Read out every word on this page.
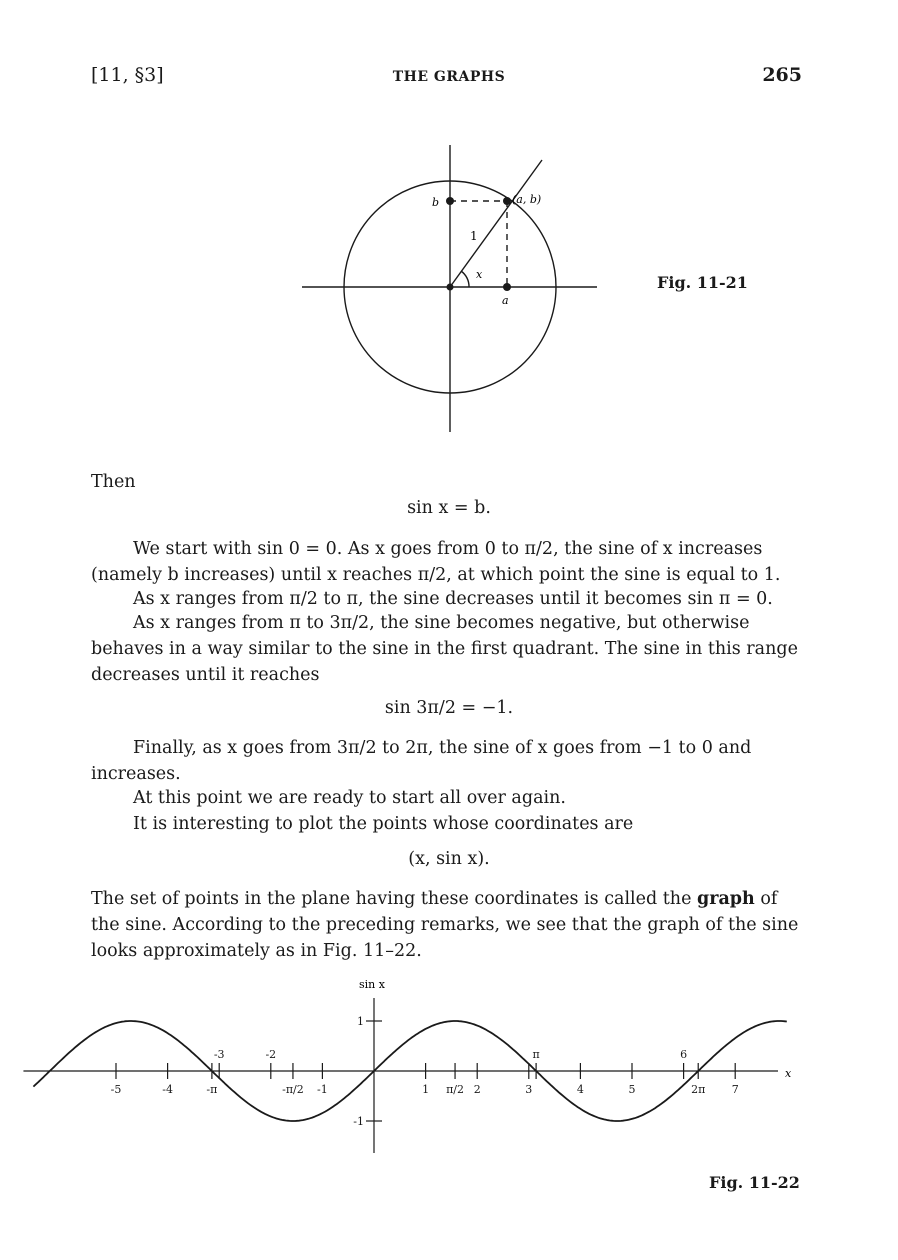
[11, §3]	THE GRAPHS	265
(a, b)
b
a
1
x	Fig. 11-21
Then
sin x = b.
We start with sin 0 = 0. As x goes from 0 to π/2, the sine of x increases (namely b increases) until x reaches π/2, at which point the sine is equal to 1.
As x ranges from π/2 to π, the sine decreases until it becomes sin π = 0.
As x ranges from π to 3π/2, the sine becomes negative, but otherwise behaves in a way similar to the sine in the first quadrant. The sine in this range decreases until it reaches
sin 3π/2 = −1.
Finally, as x goes from 3π/2 to 2π, the sine of x goes from −1 to 0 and increases.
At this point we are ready to start all over again.
It is interesting to plot the points whose coordinates are
(x, sin x).
The set of points in the plane having these coordinates is called the graph of the sine. According to the preceding remarks, we see that the graph of the sine looks approximately as in Fig. 11–22.
sin x
x
-5	-4	-π	-π/2 -1	1 π/2 2	3	4	5	2π 7
-3	-2	π	6
1
-1
Fig. 11-22
